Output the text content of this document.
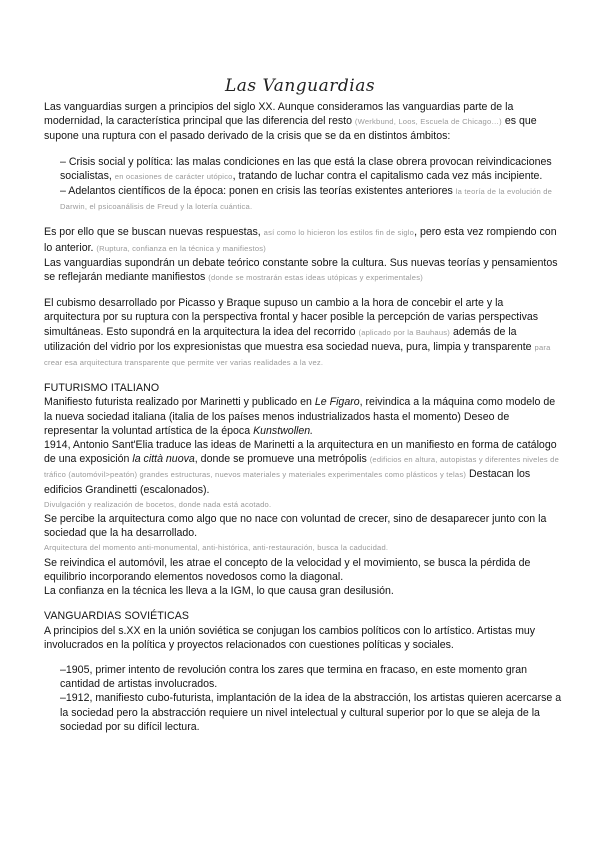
Las Vanguardias

Las vanguardias surgen a principios del siglo XX. Aunque consideramos las vanguardias parte de la modernidad, la característica principal que las diferencia del resto (Werkbund, Loos, Escuela de Chicago…) es que supone una ruptura con el pasado derivado de la crisis que se da en distintos ámbitos:

– Crisis social y política: las malas condiciones en las que está la clase obrera provocan reivindicaciones socialistas, en ocasiones de carácter utópico, tratando de luchar contra el capitalismo cada vez más incipiente.

– Adelantos científicos de la época: ponen en crisis las teorías existentes anteriores la teoría de la evolución de Darwin, el psicoanálisis de Freud y la lotería cuántica.

Es por ello que se buscan nuevas respuestas, así como lo hicieron los estilos fin de siglo, pero esta vez rompiendo con lo anterior. (Ruptura, confianza en la técnica y manifiestos)

Las vanguardias supondrán un debate teórico constante sobre la cultura. Sus nuevas teorías y pensamientos se reflejarán mediante manifiestos (donde se mostrarán estas ideas utópicas y experimentales)

El cubismo desarrollado por Picasso y Braque supuso un cambio a la hora de concebir el arte y la arquitectura por su ruptura con la perspectiva frontal y hacer posible la percepción de varias perspectivas simultáneas. Esto supondrá en la arquitectura la idea del recorrido (aplicado por la Bauhaus) además de la utilización del vidrio por los expresionistas que muestra esa sociedad nueva, pura, limpia y transparente para crear esa arquitectura transparente que permite ver varias realidades a la vez.

FUTURISMO ITALIANO

Manifiesto futurista realizado por Marinetti y publicado en Le Figaro, reivindica a la máquina como modelo de la nueva sociedad italiana (italia de los países menos industrializados hasta el momento) Deseo de representar la voluntad artística de la época Kunstwollen.

1914, Antonio Sant'Elia traduce las ideas de Marinetti a la arquitectura en un manifiesto en forma de catálogo de una exposición la città nuova, donde se promueve una metrópolis (edificios en altura, autopistas y diferentes niveles de tráfico (automóvil>peatón) grandes estructuras, nuevos materiales y materiales experimentales como plásticos y telas) Destacan los edificios Grandinetti (escalonados).

Divulgación y realización de bocetos, donde nada está acotado.

Se percibe la arquitectura como algo que no nace con voluntad de crecer, sino de desaparecer junto con la sociedad que la ha desarrollado.

Arquitectura del momento anti-monumental, anti-histórica, anti-restauración, busca la caducidad.

Se reivindica el automóvil, les atrae el concepto de la velocidad y el movimiento, se busca la pérdida de equilibrio incorporando elementos novedosos como la diagonal.

La confianza en la técnica les lleva a la IGM, lo que causa gran desilusión.

VANGUARDIAS SOVIÉTICAS

A principios del s.XX en la unión soviética se conjugan los cambios políticos con lo artístico. Artistas muy involucrados en la política y proyectos relacionados con cuestiones políticas y sociales.

–1905, primer intento de revolución contra los zares que termina en fracaso, en este momento gran cantidad de artistas involucrados.

–1912, manifiesto cubo-futurista, implantación de la idea de la abstracción, los artistas quieren acercarse a la sociedad pero la abstracción requiere un nivel intelectual y cultural superior por lo que se aleja de la sociedad por su difícil lectura.
